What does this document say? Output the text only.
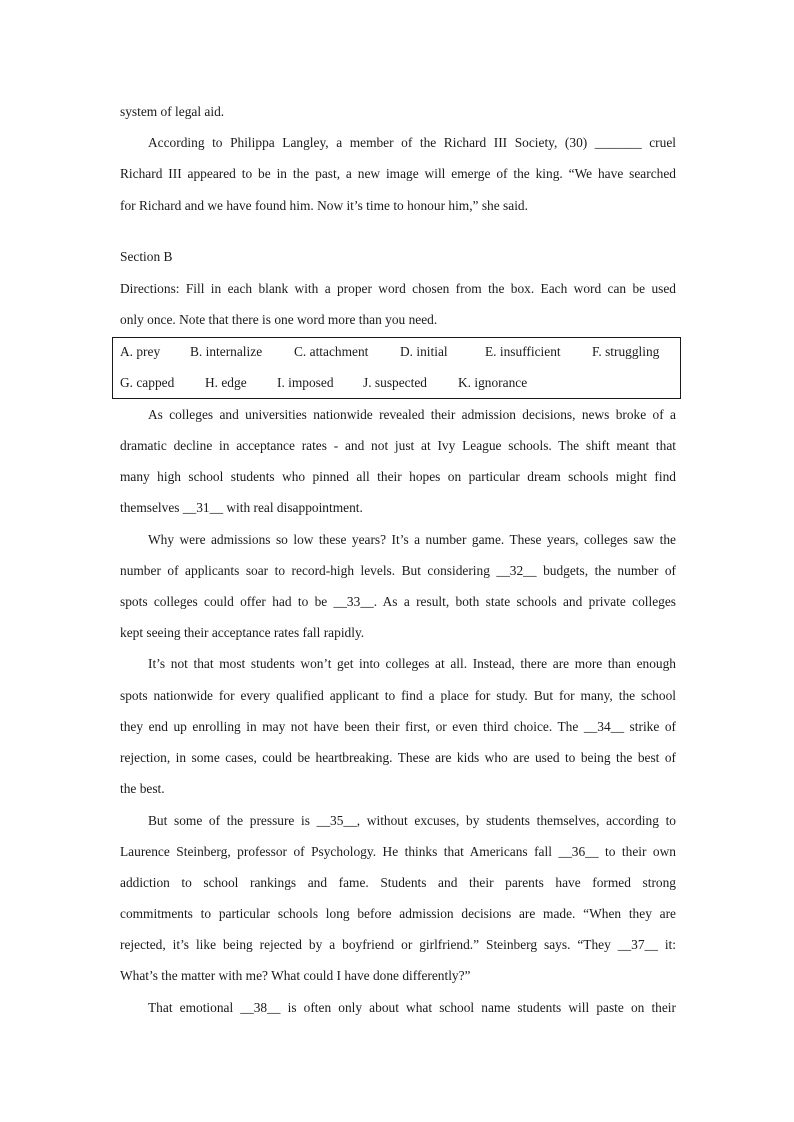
system of legal aid.
According to Philippa Langley, a member of the Richard III Society, (30) _______ cruel
Richard III appeared to be in the past, a new image will emerge of the king. “We have searched
for Richard and we have found him. Now it’s time to honour him,” she said.
Section B
Directions: Fill in each blank with a proper word chosen from the box. Each word can be used
only once. Note that there is one word more than you need.
A. prey B. internalize C. attachment D. initial	E. insufficient F. struggling
G. capped H. edge I. imposed J. suspected K. ignorance
As colleges and universities nationwide revealed their admission decisions, news broke of a
dramatic decline in acceptance rates - and not just at Ivy League schools. The shift meant that
many high school students who pinned all their hopes on particular dream schools might find
themselves __31__ with real disappointment.
Why were admissions so low these years? It’s a number game. These years, colleges saw the
number of applicants soar to record-high levels. But considering __32__ budgets, the number of
spots colleges could offer had to be __33__. As a result, both state schools and private colleges
kept seeing their acceptance rates fall rapidly.
It’s not that most students won’t get into colleges at all. Instead, there are more than enough
spots nationwide for every qualified applicant to find a place for study. But for many, the school
they end up enrolling in may not have been their first, or even third choice. The __34__ strike of
rejection, in some cases, could be heartbreaking. These are kids who are used to being the best of
the best.
But some of the pressure is __35__, without excuses, by students themselves, according to
Laurence Steinberg, professor of Psychology. He thinks that Americans fall __36__ to their own
addiction to school rankings and fame. Students and their parents have formed strong
commitments to particular schools long before admission decisions are made. “When they are
rejected, it’s like being rejected by a boyfriend or girlfriend.” Steinberg says. “They __37__ it:
What’s the matter with me? What could I have done differently?”
That emotional __38__ is often only about what school name students will paste on their
